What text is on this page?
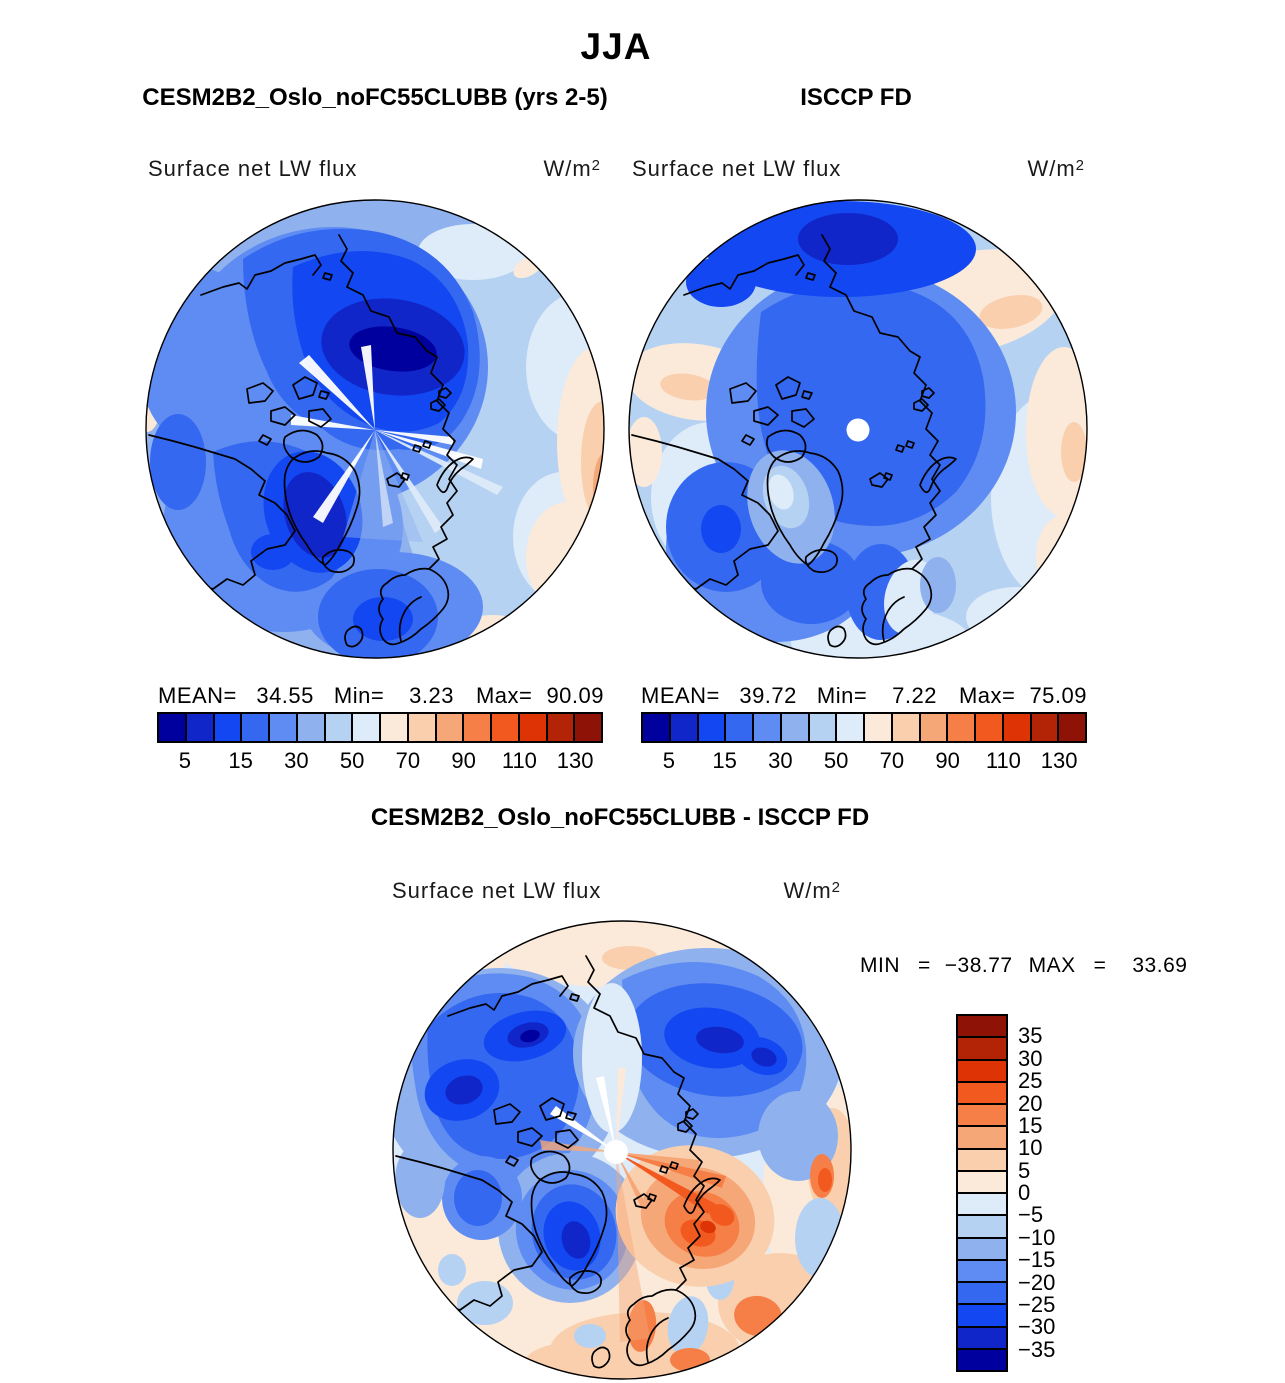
JJA
CESM2B2_Oslo_noFC55CLUBB (yrs 2-5)	ISCCP FD
Surface net LW flux	$W/m^2$ Surface net LW flux	$W/m^2$
MEAN= 34.55 Min=	3.23 Max= 90.09 MEAN= 39.72 Min=	7.22 Max= 75.09
5 15 30 50 70 90 110 130	5 15 30 50 70 90 110 130
CESM2B2_Oslo_noFC55CLUBB - ISCCP FD
Surface net LW flux	$W/m^2$
MIN = −38.77 MAX = 33.69
35
30
25
20
15
10
5
0
−5
−10
−15
−20
−25
−30
−35
